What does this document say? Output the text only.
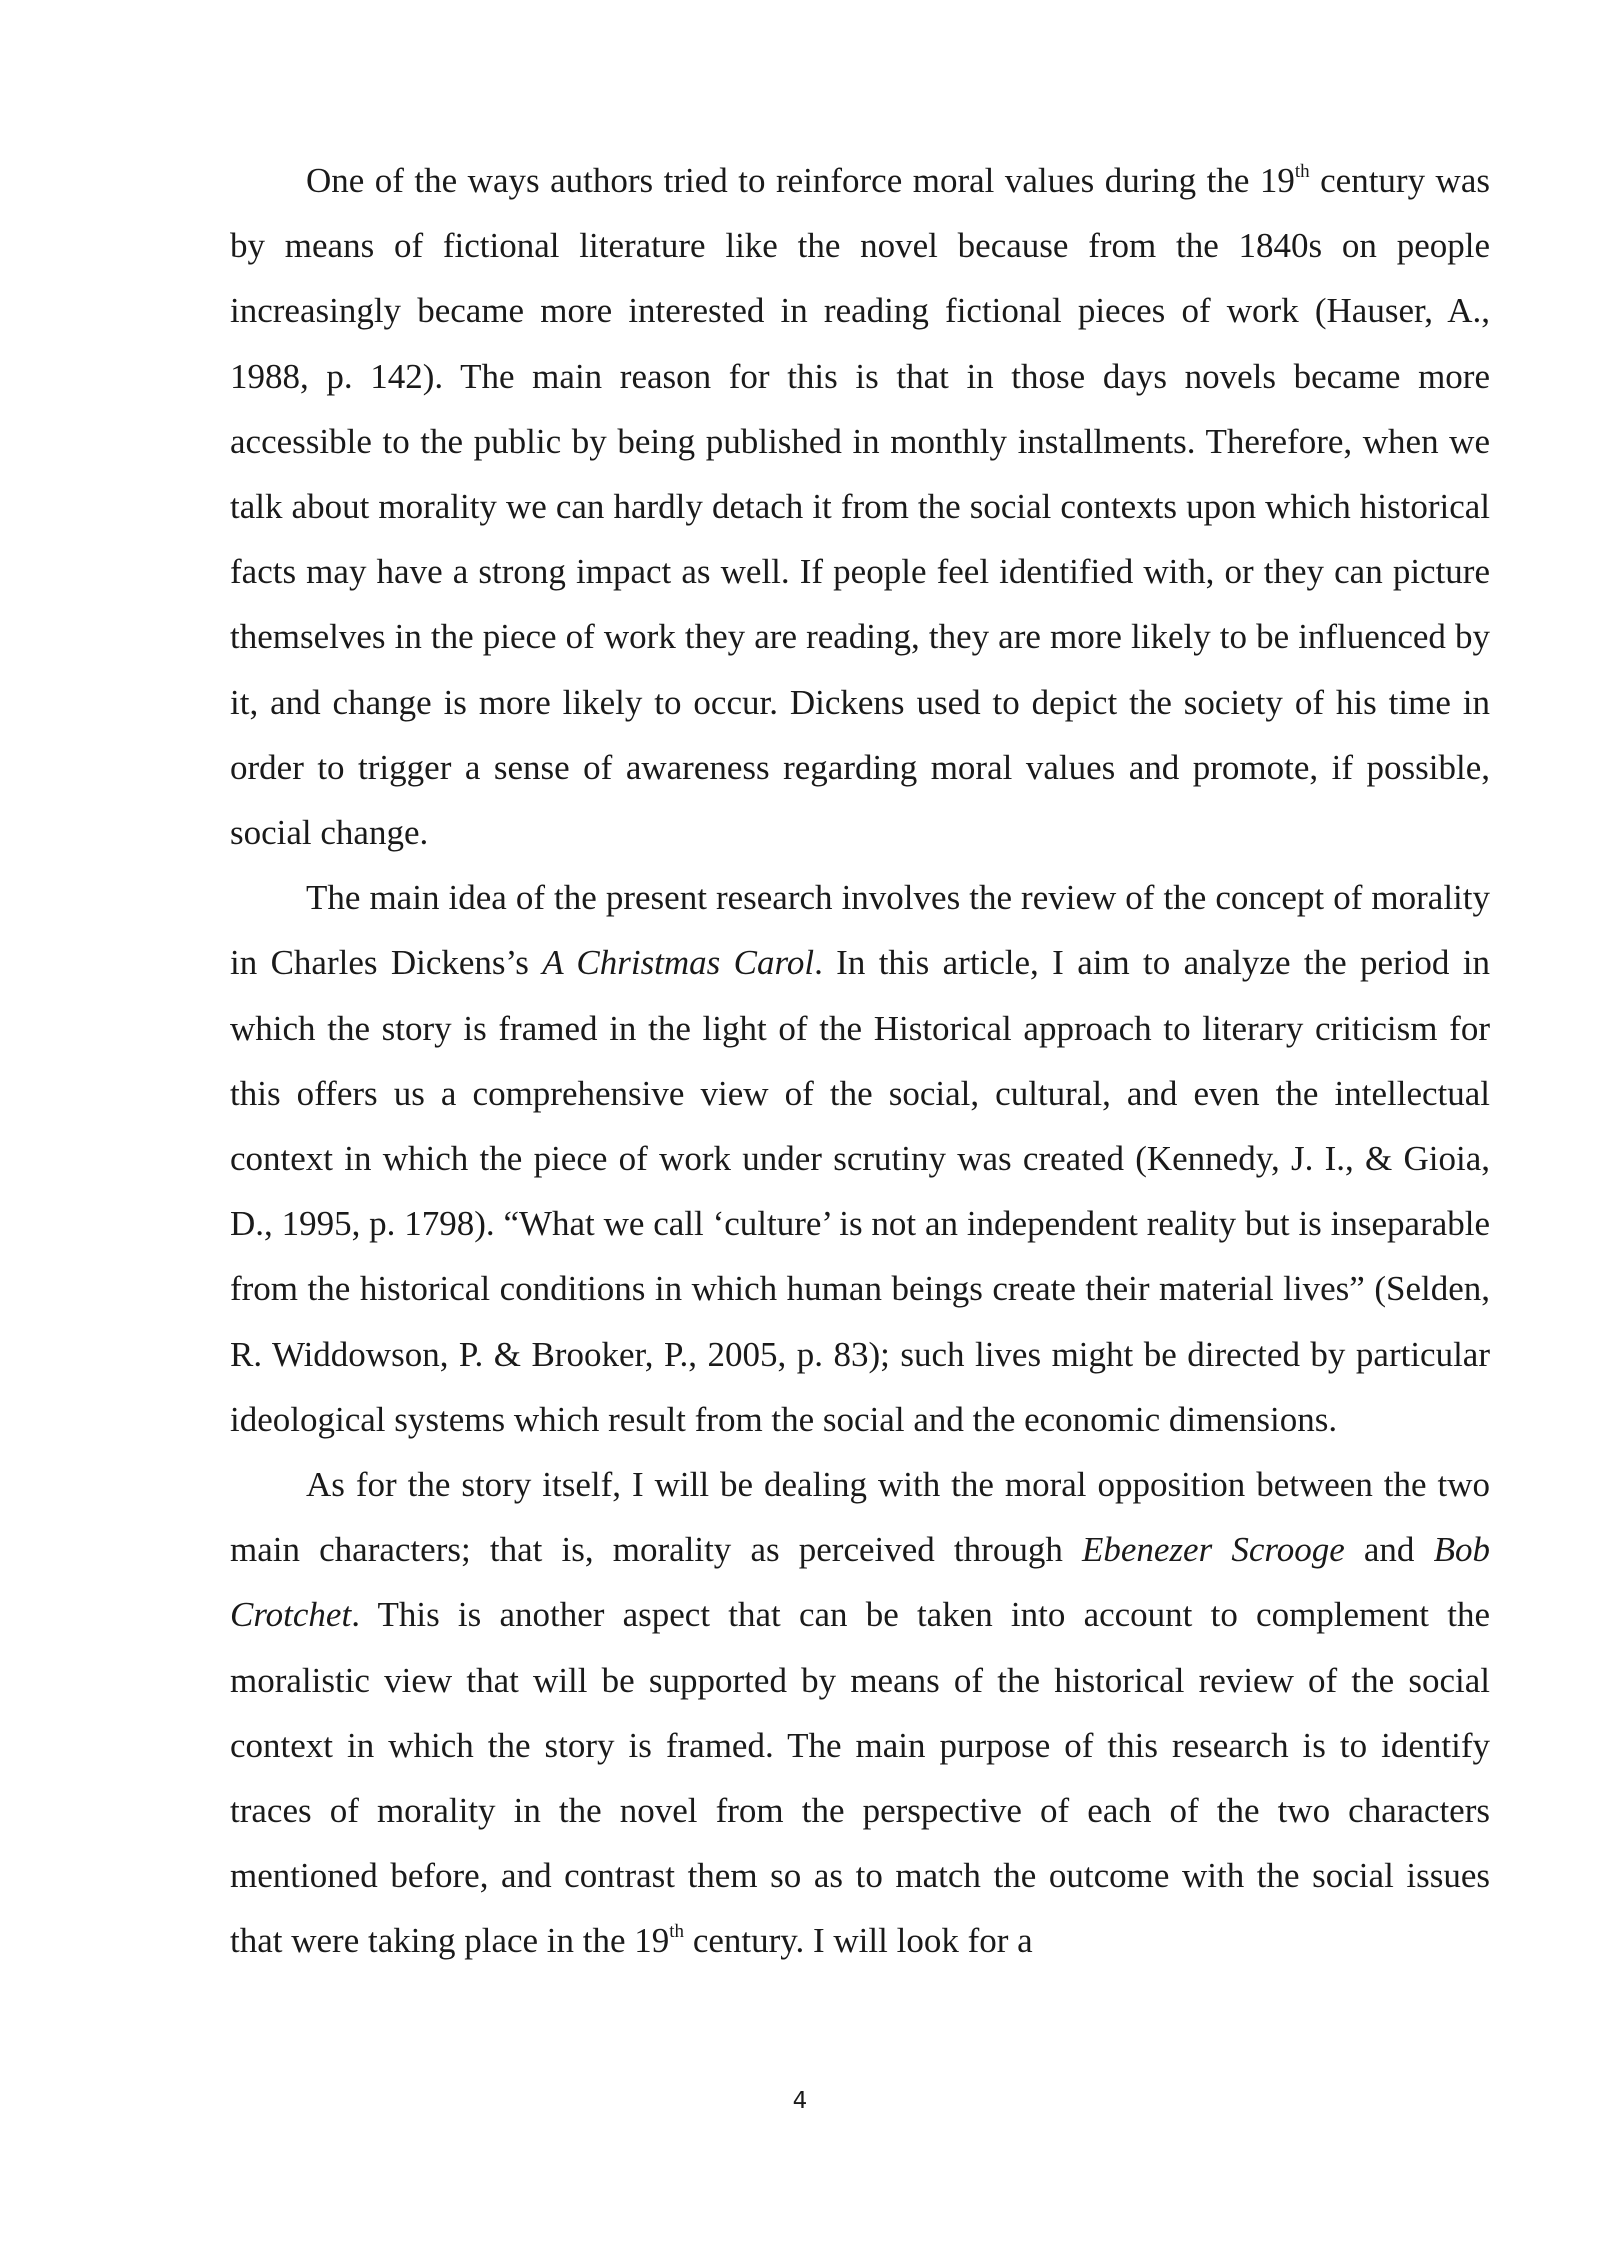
One of the ways authors tried to reinforce moral values during the 19th century was by means of fictional literature like the novel because from the 1840s on people increasingly became more interested in reading fictional pieces of work (Hauser, A., 1988, p. 142). The main reason for this is that in those days novels became more accessible to the public by being published in monthly installments. Therefore, when we talk about morality we can hardly detach it from the social contexts upon which historical facts may have a strong impact as well. If people feel identified with, or they can picture themselves in the piece of work they are reading, they are more likely to be influenced by it, and change is more likely to occur. Dickens used to depict the society of his time in order to trigger a sense of awareness regarding moral values and promote, if possible, social change.

The main idea of the present research involves the review of the concept of morality in Charles Dickens’s A Christmas Carol. In this article, I aim to analyze the period in which the story is framed in the light of the Historical approach to literary criticism for this offers us a comprehensive view of the social, cultural, and even the intellectual context in which the piece of work under scrutiny was created (Kennedy, J. I., & Gioia, D., 1995, p. 1798). “What we call ‘culture’ is not an independent reality but is inseparable from the historical conditions in which human beings create their material lives” (Selden, R. Widdowson, P. & Brooker, P., 2005, p. 83); such lives might be directed by particular ideological systems which result from the social and the economic dimensions.

As for the story itself, I will be dealing with the moral opposition between the two main characters; that is, morality as perceived through Ebenezer Scrooge and Bob Crotchet. This is another aspect that can be taken into account to complement the moralistic view that will be supported by means of the historical review of the social context in which the story is framed. The main purpose of this research is to identify traces of morality in the novel from the perspective of each of the two characters mentioned before, and contrast them so as to match the outcome with the social issues that were taking place in the 19th century. I will look for a

4
